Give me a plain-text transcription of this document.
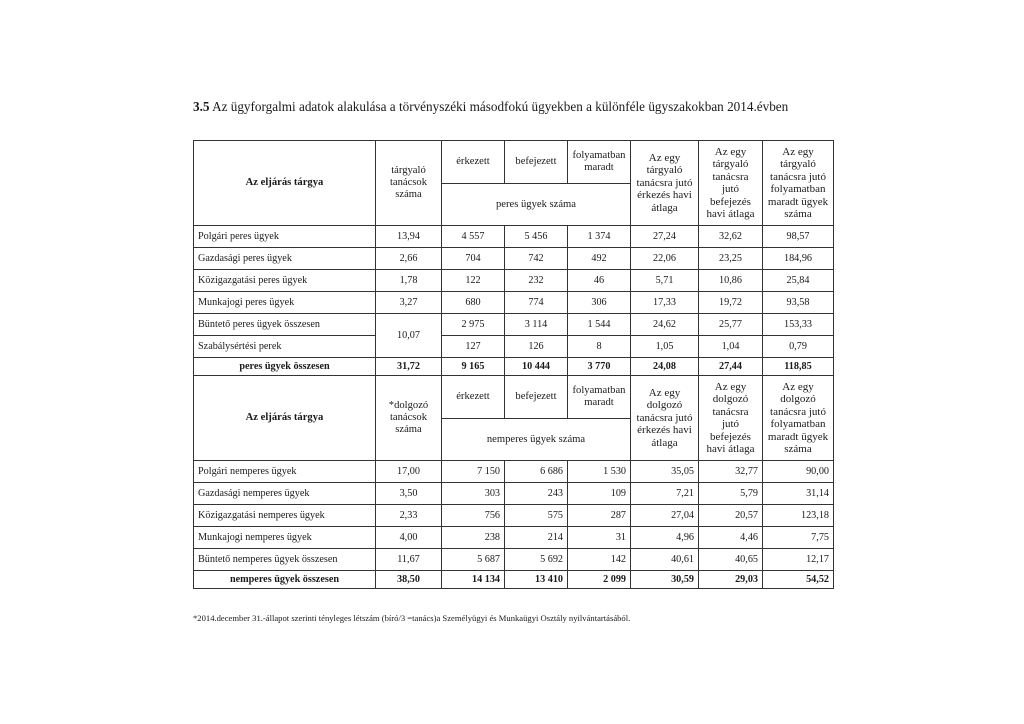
3.5 Az ügyforgalmi adatok alakulása a törvényszéki másodfokú ügyekben a különféle ügyszakokban 2014.évben
Az eljárás tárgya	tárgyaló tanácsok száma	érkezett	befejezett	folyamatban maradt	Az egy tárgyaló tanácsra jutó érkezés havi átlaga	Az egy tárgyaló tanácsra jutó befejezés havi átlaga	Az egy tárgyaló tanácsra jutó folyamatban maradt ügyek száma
		peres ügyek száma					
Polgári peres ügyek	13,94	4 557	5 456	1 374	27,24	32,62	98,57
Gazdasági peres ügyek	2,66	704	742	492	22,06	23,25	184,96
Közigazgatási peres ügyek	1,78	122	232	46	5,71	10,86	25,84
Munkajogi peres ügyek	3,27	680	774	306	17,33	19,72	93,58
Büntető peres ügyek összesen	10,07	2 975	3 114	1 544	24,62	25,77	153,33
Szabálysértési perek		127	126	8	1,05	1,04	0,79
peres ügyek összesen	31,72	9 165	10 444	3 770	24,08	27,44	118,85
Az eljárás tárgya	*dolgozó tanácsok száma	érkezett	befejezett	folyamatban maradt	Az egy dolgozó tanácsra jutó érkezés havi átlaga	Az egy dolgozó tanácsra jutó befejezés havi átlaga	Az egy dolgozó tanácsra jutó folyamatban maradt ügyek száma
		nemperes ügyek száma					
Polgári nemperes ügyek	17,00	7 150	6 686	1 530	35,05	32,77	90,00
Gazdasági nemperes ügyek	3,50	303	243	109	7,21	5,79	31,14
Közigazgatási nemperes ügyek	2,33	756	575	287	27,04	20,57	123,18
Munkajogi nemperes ügyek	4,00	238	214	31	4,96	4,46	7,75
Büntető nemperes ügyek összesen	11,67	5 687	5 692	142	40,61	40,65	12,17
nemperes ügyek összesen	38,50	14 134	13 410	2 099	30,59	29,03	54,52
*2014.december 31.-állapot szerinti tényleges létszám (bíró/3 =tanács)a Személyügyi és Munkaügyi Osztály nyilvántartásából.
